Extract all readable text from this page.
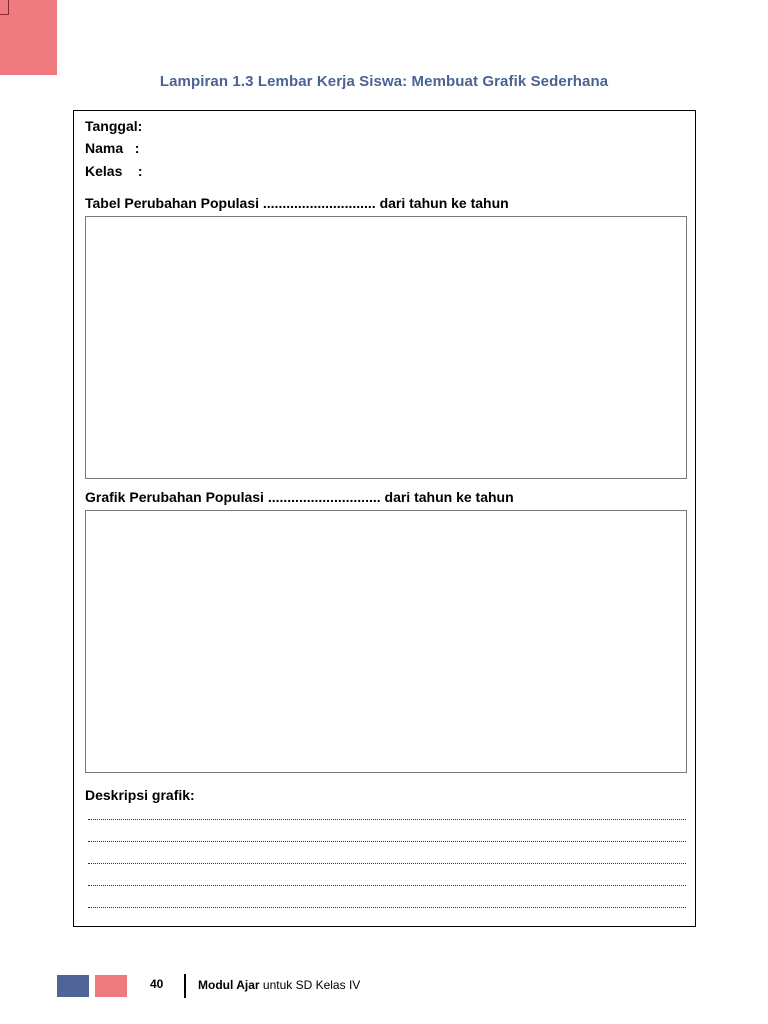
Lampiran 1.3 Lembar Kerja Siswa: Membuat Grafik Sederhana
Tanggal:
Nama   :
Kelas    :
Tabel Perubahan Populasi ............................. dari tahun ke tahun
Grafik Perubahan Populasi ............................. dari tahun ke tahun
Deskripsi grafik:
40	Modul Ajar untuk SD Kelas IV
